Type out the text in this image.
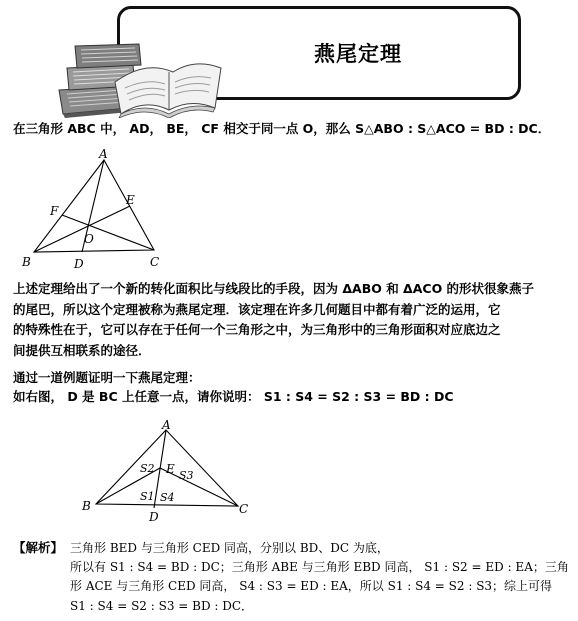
燕尾定理
在三角形 ABC 中， AD， BE， CF 相交于同一点 O，那么 S△ABO : S△ACO = BD : DC．
A
B	C
D
E
F
O
上述定理给出了一个新的转化面积比与线段比的手段，因为 ΔABO 和 ΔACO 的形状很象燕子
的尾巴，所以这个定理被称为燕尾定理．该定理在许多几何题目中都有着广泛的运用，它
的特殊性在于，它可以存在于任何一个三角形之中，为三角形中的三角形面积对应底边之
间提供互相联系的途径．
通过一道例题证明一下燕尾定理：
如右图， D 是 BC 上任意一点，请你说明： S1 : S4 = S2 : S3 = BD : DC
A
B	C
D
E
S2
S3
S1 S4
【解析】 三角形 BED 与三角形 CED 同高，分别以 BD、DC 为底，
所以有 S1 : S4 = BD : DC；三角形 ABE 与三角形 EBD 同高， S1 : S2 = ED : EA；三角
形 ACE 与三角形 CED 同高， S4 : S3 = ED : EA，所以 S1 : S4 = S2 : S3；综上可得
S1 : S4 = S2 : S3 = BD : DC．
